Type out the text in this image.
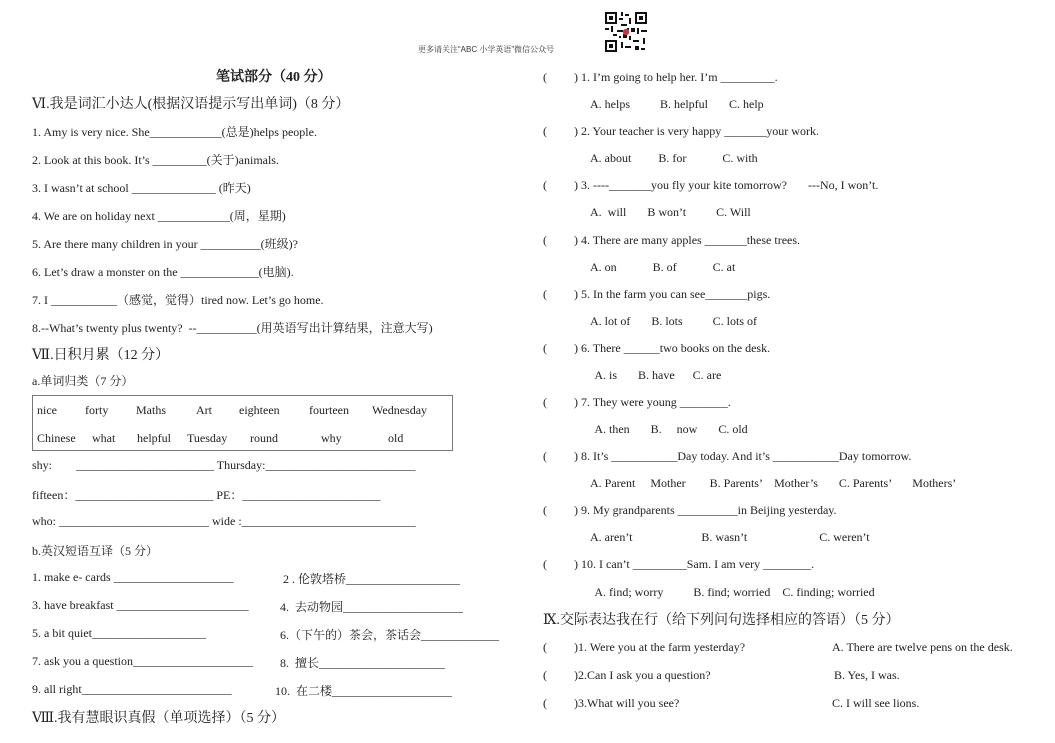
更多请关注“ABC 小学英语”微信公众号
笔试部分（40 分）
Ⅵ.我是词汇小达人(根据汉语提示写出单词)（8 分）
1. Amy is very nice. She____________(总是)helps people.
2. Look at this book. It’s _________(关于)animals.
3. I wasn’t at school ______________ (昨天)
4. We are on holiday next ____________(周，星期)
5. Are there many children in your __________(班级)?
6. Let’s draw a monster on the _____________(电脑).
7. I ___________（感觉，觉得）tired now. Let’s go home.
8.--What’s twenty plus twenty?  --__________(用英语写出计算结果，注意大写)
Ⅶ.日积月累（12 分）
a.单词归类（7 分）
nice forty Maths	Art eighteen fourteen Wednesday
Chinese what helpful Tuesday round	why	old
shy:        _______________________ Thursday:_________________________
fifteen：_______________________ PE：_______________________
who: _________________________ wide :_____________________________
b.英汉短语互译（5 分）
1. make e- cards ____________________	2 . 伦敦塔桥___________________
3. have breakfast ______________________	4.  去动物园____________________
5. a bit quiet___________________	6.（下午的）茶会，茶话会_____________
7. ask you a question____________________ 8.  擅长_____________________
9. all right_________________________	10.  在二楼____________________
Ⅷ.我有慧眼识真假（单项选择）（5 分）
(         ) 1. I’m going to help her. I’m _________.
A. helps          B. helpful       C. help
(         ) 2. Your teacher is very happy _______your work.
A. about         B. for            C. with
(         ) 3. ----_______you fly your kite tomorrow?       ---No, I won’t.
A.  will       B won’t          C. Will
(         ) 4. There are many apples _______these trees.
A. on            B. of            C. at
(         ) 5. In the farm you can see_______pigs.
A. lot of       B. lots          C. lots of
(         ) 6. There ______two books on the desk.
A. is       B. have      C. are
(         ) 7. They were young ________.
A. then       B.     now       C. old
(         ) 8. It’s ___________Day today. And it’s ___________Day tomorrow.
A. Parent     Mother        B. Parents’    Mother’s       C. Parents’       Mothers’
(         ) 9. My grandparents __________in Beijing yesterday.
A. aren’t                       B. wasn’t                        C. weren’t
(         ) 10. I can’t _________Sam. I am very ________.
A. find; worry          B. find; worried    C. finding; worried
Ⅸ.交际表达我在行（给下列问句选择相应的答语）（5 分）
(         )1. Were you at the farm yesterday?	A. There are twelve pens on the desk.
(         )2.Can I ask you a question?	B. Yes, I was.
(         )3.What will you see?	C. I will see lions.
